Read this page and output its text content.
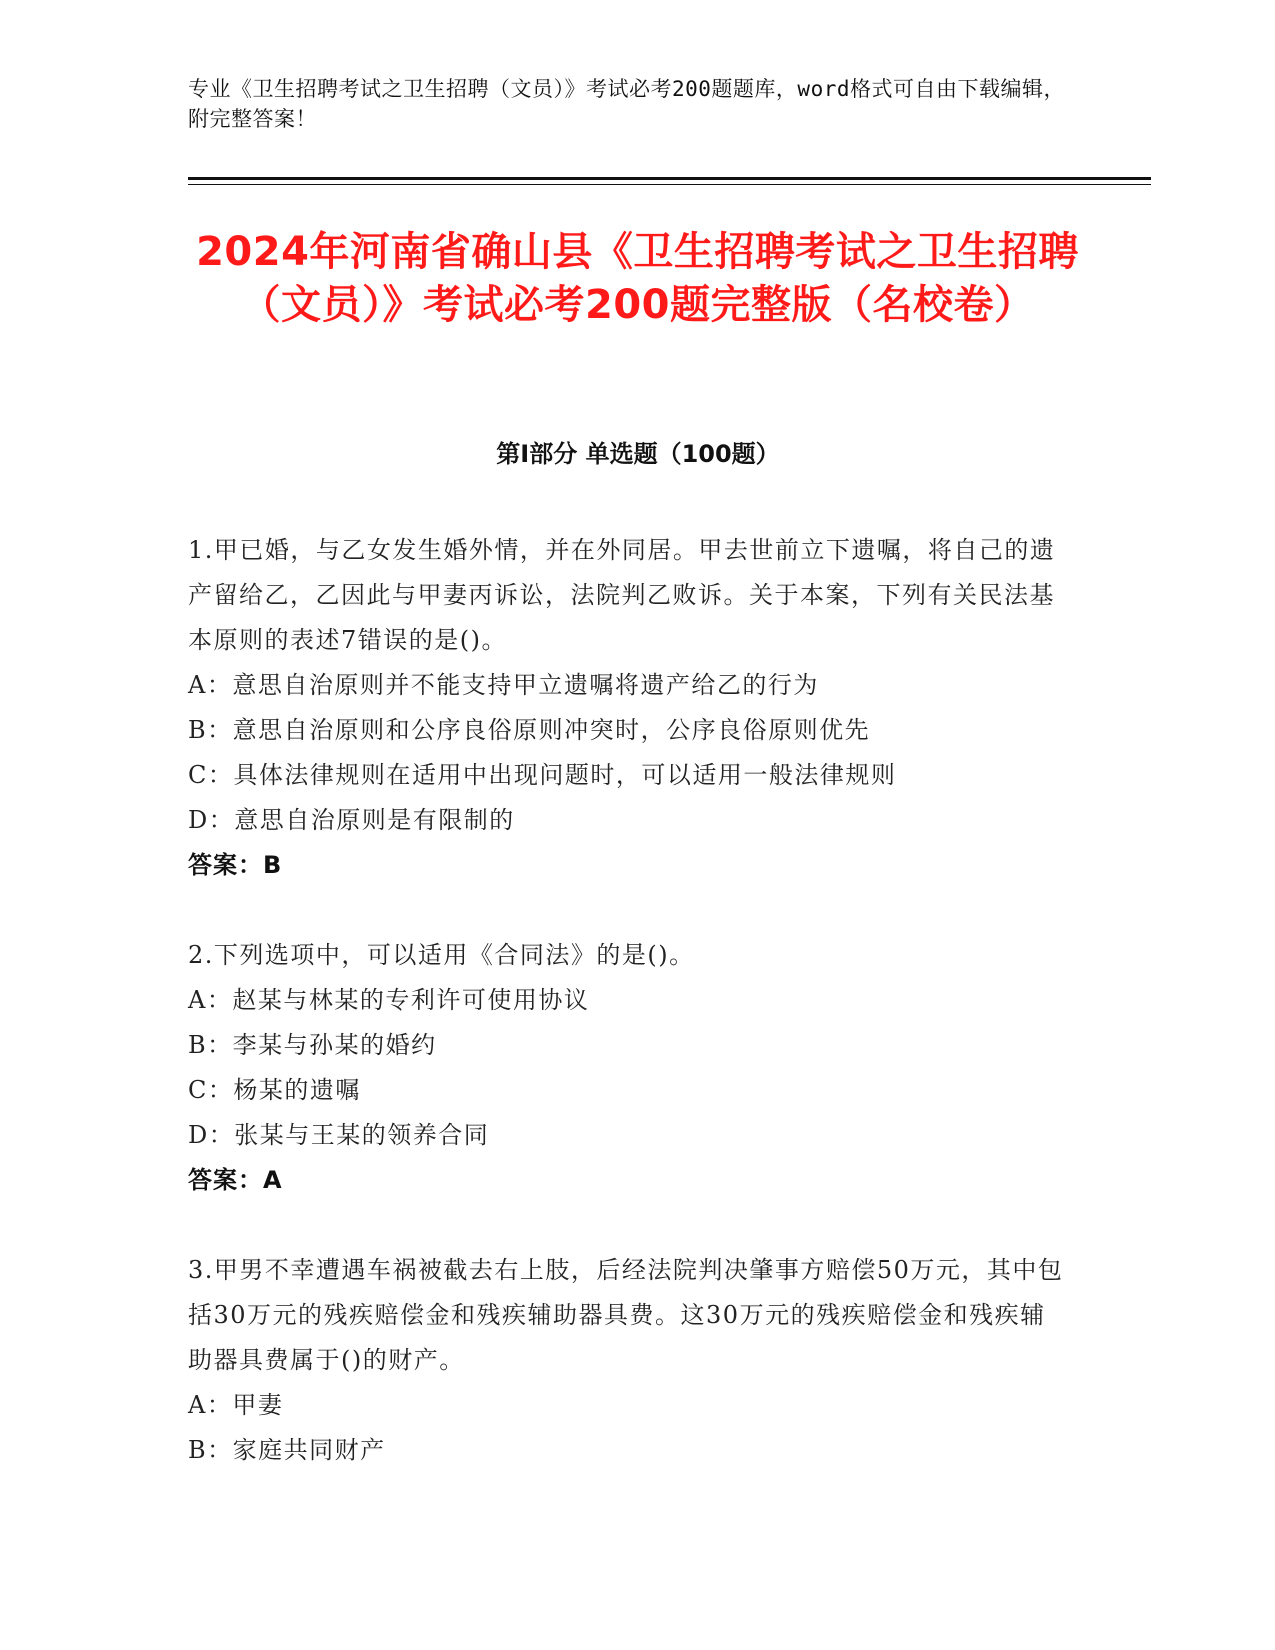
专业《卫生招聘考试之卫生招聘（文员）》考试必考200题题库，word格式可自由下载编辑，附完整答案！
2024年河南省确山县《卫生招聘考试之卫生招聘（文员）》考试必考200题完整版（名校卷）
第I部分 单选题（100题）
1.甲已婚，与乙女发生婚外情，并在外同居。甲去世前立下遗嘱，将自己的遗产留给乙，乙因此与甲妻丙诉讼，法院判乙败诉。关于本案，下列有关民法基本原则的表述7错误的是()。
A：意思自治原则并不能支持甲立遗嘱将遗产给乙的行为
B：意思自治原则和公序良俗原则冲突时，公序良俗原则优先
C：具体法律规则在适用中出现问题时，可以适用一般法律规则
D：意思自治原则是有限制的
答案：B
2.下列选项中，可以适用《合同法》的是()。
A：赵某与林某的专利许可使用协议
B：李某与孙某的婚约
C：杨某的遗嘱
D：张某与王某的领养合同
答案：A
3.甲男不幸遭遇车祸被截去右上肢，后经法院判决肇事方赔偿50万元，其中包括30万元的残疾赔偿金和残疾辅助器具费。这30万元的残疾赔偿金和残疾辅助器具费属于()的财产。
A：甲妻
B：家庭共同财产
